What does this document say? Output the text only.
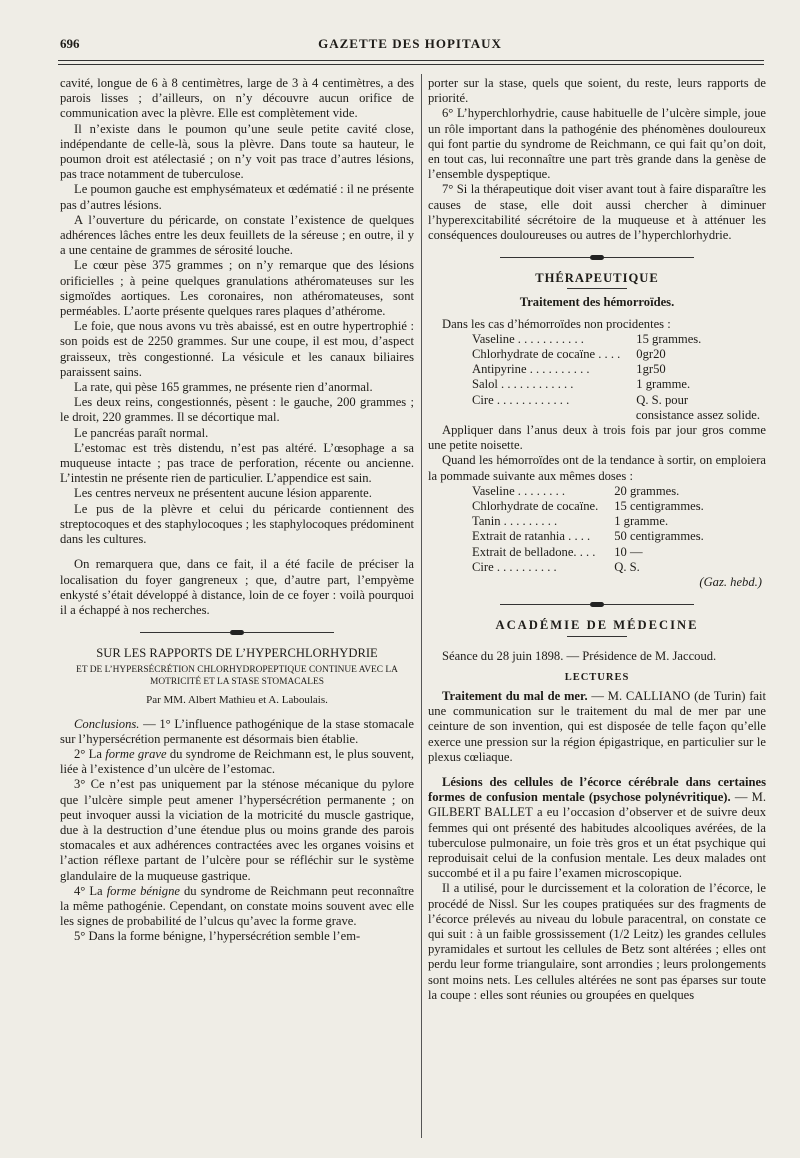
696	GAZETTE DES HOPITAUX

cavité, longue de 6 à 8 centimètres, large de 3 à 4 centimètres, a des parois lisses ; d’ailleurs, on n’y découvre aucun orifice de communication avec la plèvre. Elle est complètement vide.

Il n’existe dans le poumon qu’une seule petite cavité close, indépendante de celle-là, sous la plèvre. Dans toute sa hauteur, le poumon droit est atélectasié ; on n’y voit pas trace d’autres lésions, pas trace notamment de tuberculose.

Le poumon gauche est emphysémateux et œdématié : il ne présente pas d’autres lésions.

A l’ouverture du péricarde, on constate l’existence de quelques adhérences lâches entre les deux feuillets de la séreuse ; en outre, il y a une centaine de grammes de sérosité louche.

Le cœur pèse 375 grammes ; on n’y remarque que des lésions orificielles ; à peine quelques granulations athéromateuses sur les sigmoïdes aortiques. Les coronaires, non athéromateuses, sont perméables. L’aorte présente quelques rares plaques d’athérome.

Le foie, que nous avons vu très abaissé, est en outre hypertrophié : son poids est de 2250 grammes. Sur une coupe, il est mou, d’aspect graisseux, très congestionné. La vésicule et les canaux biliaires paraissent sains.

La rate, qui pèse 165 grammes, ne présente rien d’anormal.

Les deux reins, congestionnés, pèsent : le gauche, 200 grammes ; le droit, 220 grammes. Il se décortique mal.

Le pancréas paraît normal.

L’estomac est très distendu, n’est pas altéré. L’œsophage a sa muqueuse intacte ; pas trace de perforation, récente ou ancienne. L’intestin ne présente rien de particulier. L’appendice est sain.

Les centres nerveux ne présentent aucune lésion apparente.

Le pus de la plèvre et celui du péricarde contiennent des streptocoques et des staphylocoques ; les staphylocoques prédominent dans les cultures.

On remarquera que, dans ce fait, il a été facile de préciser la localisation du foyer gangreneux ; que, d’autre part, l’empyème enkysté s’était développé à distance, loin de ce foyer : voilà pourquoi il a échappé à nos recherches.

SUR LES RAPPORTS DE L’HYPERCHLORHYDRIE
ET DE L’HYPERSÉCRÉTION CHLORHYDROPEPTIQUE CONTINUE AVEC LA MOTRICITÉ ET LA STASE STOMACALES
Par MM. Albert Mathieu et A. Laboulais.

Conclusions. — 1° L’influence pathogénique de la stase stomacale sur l’hypersécrétion permanente est désormais bien établie.

2° La forme grave du syndrome de Reichmann est, le plus souvent, liée à l’existence d’un ulcère de l’estomac.

3° Ce n’est pas uniquement par la sténose mécanique du pylore que l’ulcère simple peut amener l’hypersécrétion permanente ; on peut invoquer aussi la viciation de la motricité du muscle gastrique, due à la destruction d’une étendue plus ou moins grande des parois stomacales et aux adhérences contractées avec les organes voisins et l’action réflexe partant de l’ulcère pour se réfléchir sur le système glandulaire de la muqueuse gastrique.

4° La forme bénigne du syndrome de Reichmann peut reconnaître la même pathogénie. Cependant, on constate moins souvent avec elle les signes de probabilité de l’ulcus qu’avec la forme grave.

5° Dans la forme bénigne, l’hypersécrétion semble l’em-

porter sur la stase, quels que soient, du reste, leurs rapports de priorité.

6° L’hyperchlorhydrie, cause habituelle de l’ulcère simple, joue un rôle important dans la pathogénie des phénomènes douloureux qui font partie du syndrome de Reichmann, ce qui fait qu’on doit, en tout cas, lui reconnaître une part très grande dans la genèse de l’ensemble dyspeptique.

7° Si la thérapeutique doit viser avant tout à faire disparaître les causes de stase, elle doit aussi chercher à diminuer l’hyperexcitabilité sécrétoire de la muqueuse et à atténuer les conséquences douloureuses ou autres de l’hyperchlorhydrie.

THÉRAPEUTIQUE
Traitement des hémorroïdes.

Dans les cas d’hémorroïdes non procidentes :

Vaseline . . . . . . . . . . .	15 grammes.
Chlorhydrate de cocaïne . . . .	0gr20
Antipyrine . . . . . . . . . .	1gr50
Salol . . . . . . . . . . . .	1 gramme.
Cire . . . . . . . . . . . .	Q. S. pour
consistance assez solide.

Appliquer dans l’anus deux à trois fois par jour gros comme une petite noisette.

Quand les hémorroïdes ont de la tendance à sortir, on emploiera la pommade suivante aux mêmes doses :

Vaseline . . . . . . . .	20 grammes.
Chlorhydrate de cocaïne.	15 centigrammes.
Tanin . . . . . . . . .	1 gramme.
Extrait de ratanhia . . . .	50 centigrammes.
Extrait de belladone. . . .	10 —
Cire . . . . . . . . . .	Q. S.
(Gaz. hebd.)
ACADÉMIE DE MÉDECINE

Séance du 28 juin 1898. — Présidence de M. Jaccoud.

LECTURES

Traitement du mal de mer. — M. CALLIANO (de Turin) fait une communication sur le traitement du mal de mer par une ceinture de son invention, qui est disposée de telle façon qu’elle exerce une pression sur la région épigastrique, en particulier sur le plexus cœliaque.

Lésions des cellules de l’écorce cérébrale dans certaines formes de confusion mentale (psychose polynévritique). — M. GILBERT BALLET a eu l’occasion d’observer et de suivre deux femmes qui ont présenté des habitudes alcooliques avérées, de la tuberculose pulmonaire, un foie très gros et un état psychique qui reproduisait celui de la confusion mentale. Les deux malades ont succombé et il a pu faire l’examen microscopique.

Il a utilisé, pour le durcissement et la coloration de l’écorce, le procédé de Nissl. Sur les coupes pratiquées sur des fragments de l’écorce prélevés au niveau du lobule paracentral, on constate ce qui suit : à un faible grossissement (1/2 Leitz) les grandes cellules pyramidales et surtout les cellules de Betz sont altérées ; elles ont perdu leur forme triangulaire, sont arrondies ; leurs prolongements sont moins nets. Les cellules altérées ne sont pas éparses sur toute la coupe : elles sont réunies ou groupées en quelques
